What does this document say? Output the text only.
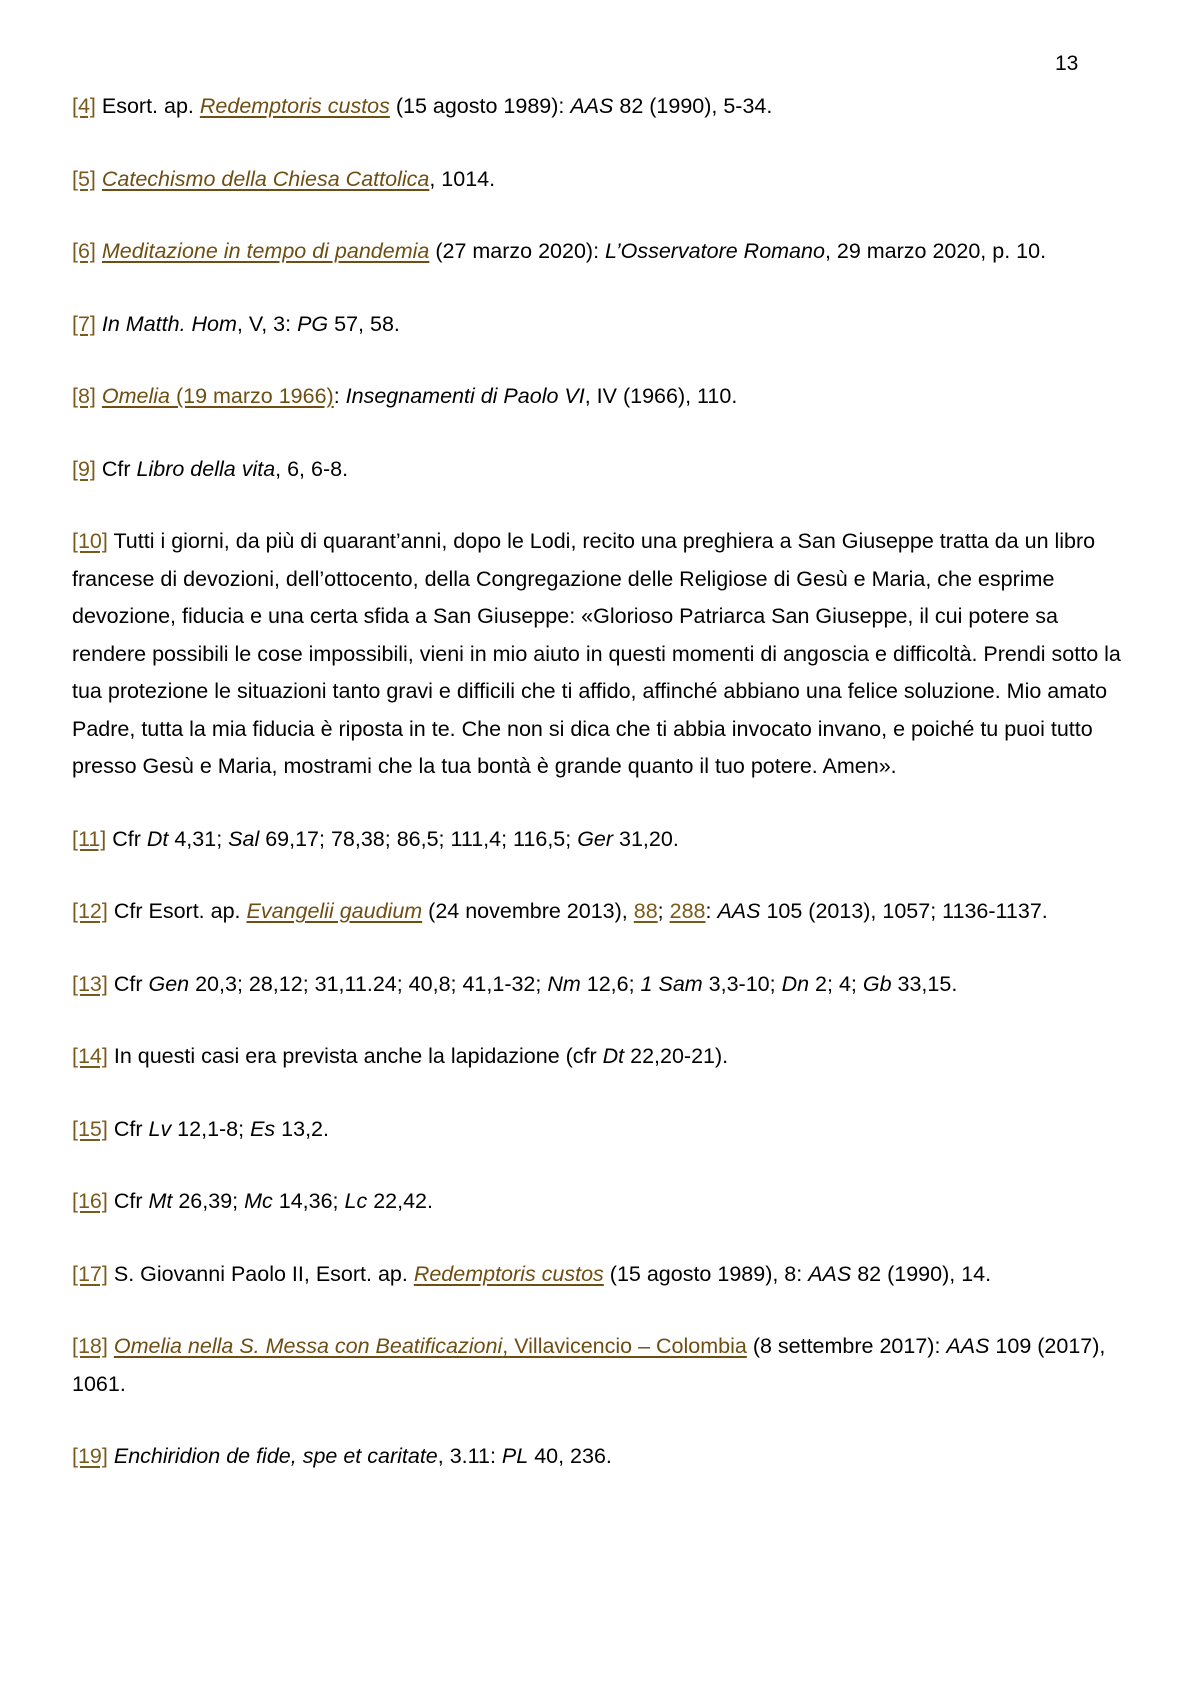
13

[4] Esort. ap. Redemptoris custos (15 agosto 1989): AAS 82 (1990), 5-34.

[5] Catechismo della Chiesa Cattolica, 1014.

[6] Meditazione in tempo di pandemia (27 marzo 2020): L’Osservatore Romano, 29 marzo 2020, p. 10.

[7] In Matth. Hom, V, 3: PG 57, 58.

[8] Omelia (19 marzo 1966): Insegnamenti di Paolo VI, IV (1966), 110.

[9] Cfr Libro della vita, 6, 6-8.

[10] Tutti i giorni, da più di quarant’anni, dopo le Lodi, recito una preghiera a San Giuseppe tratta da un libro francese di devozioni, dell’ottocento, della Congregazione delle Religiose di Gesù e Maria, che esprime devozione, fiducia e una certa sfida a San Giuseppe: «Glorioso Patriarca San Giuseppe, il cui potere sa rendere possibili le cose impossibili, vieni in mio aiuto in questi momenti di angoscia e difficoltà. Prendi sotto la tua protezione le situazioni tanto gravi e difficili che ti affido, affinché abbiano una felice soluzione. Mio amato Padre, tutta la mia fiducia è riposta in te. Che non si dica che ti abbia invocato invano, e poiché tu puoi tutto presso Gesù e Maria, mostrami che la tua bontà è grande quanto il tuo potere. Amen».

[11] Cfr Dt 4,31; Sal 69,17; 78,38; 86,5; 111,4; 116,5; Ger 31,20.

[12] Cfr Esort. ap. Evangelii gaudium (24 novembre 2013), 88; 288: AAS 105 (2013), 1057; 1136-1137.

[13] Cfr Gen 20,3; 28,12; 31,11.24; 40,8; 41,1-32; Nm 12,6; 1 Sam 3,3-10; Dn 2; 4; Gb 33,15.

[14] In questi casi era prevista anche la lapidazione (cfr Dt 22,20-21).

[15] Cfr Lv 12,1-8; Es 13,2.

[16] Cfr Mt 26,39; Mc 14,36; Lc 22,42.

[17] S. Giovanni Paolo II, Esort. ap. Redemptoris custos (15 agosto 1989), 8: AAS 82 (1990), 14.

[18] Omelia nella S. Messa con Beatificazioni, Villavicencio – Colombia (8 settembre 2017): AAS 109 (2017), 1061.

[19] Enchiridion de fide, spe et caritate, 3.11: PL 40, 236.
